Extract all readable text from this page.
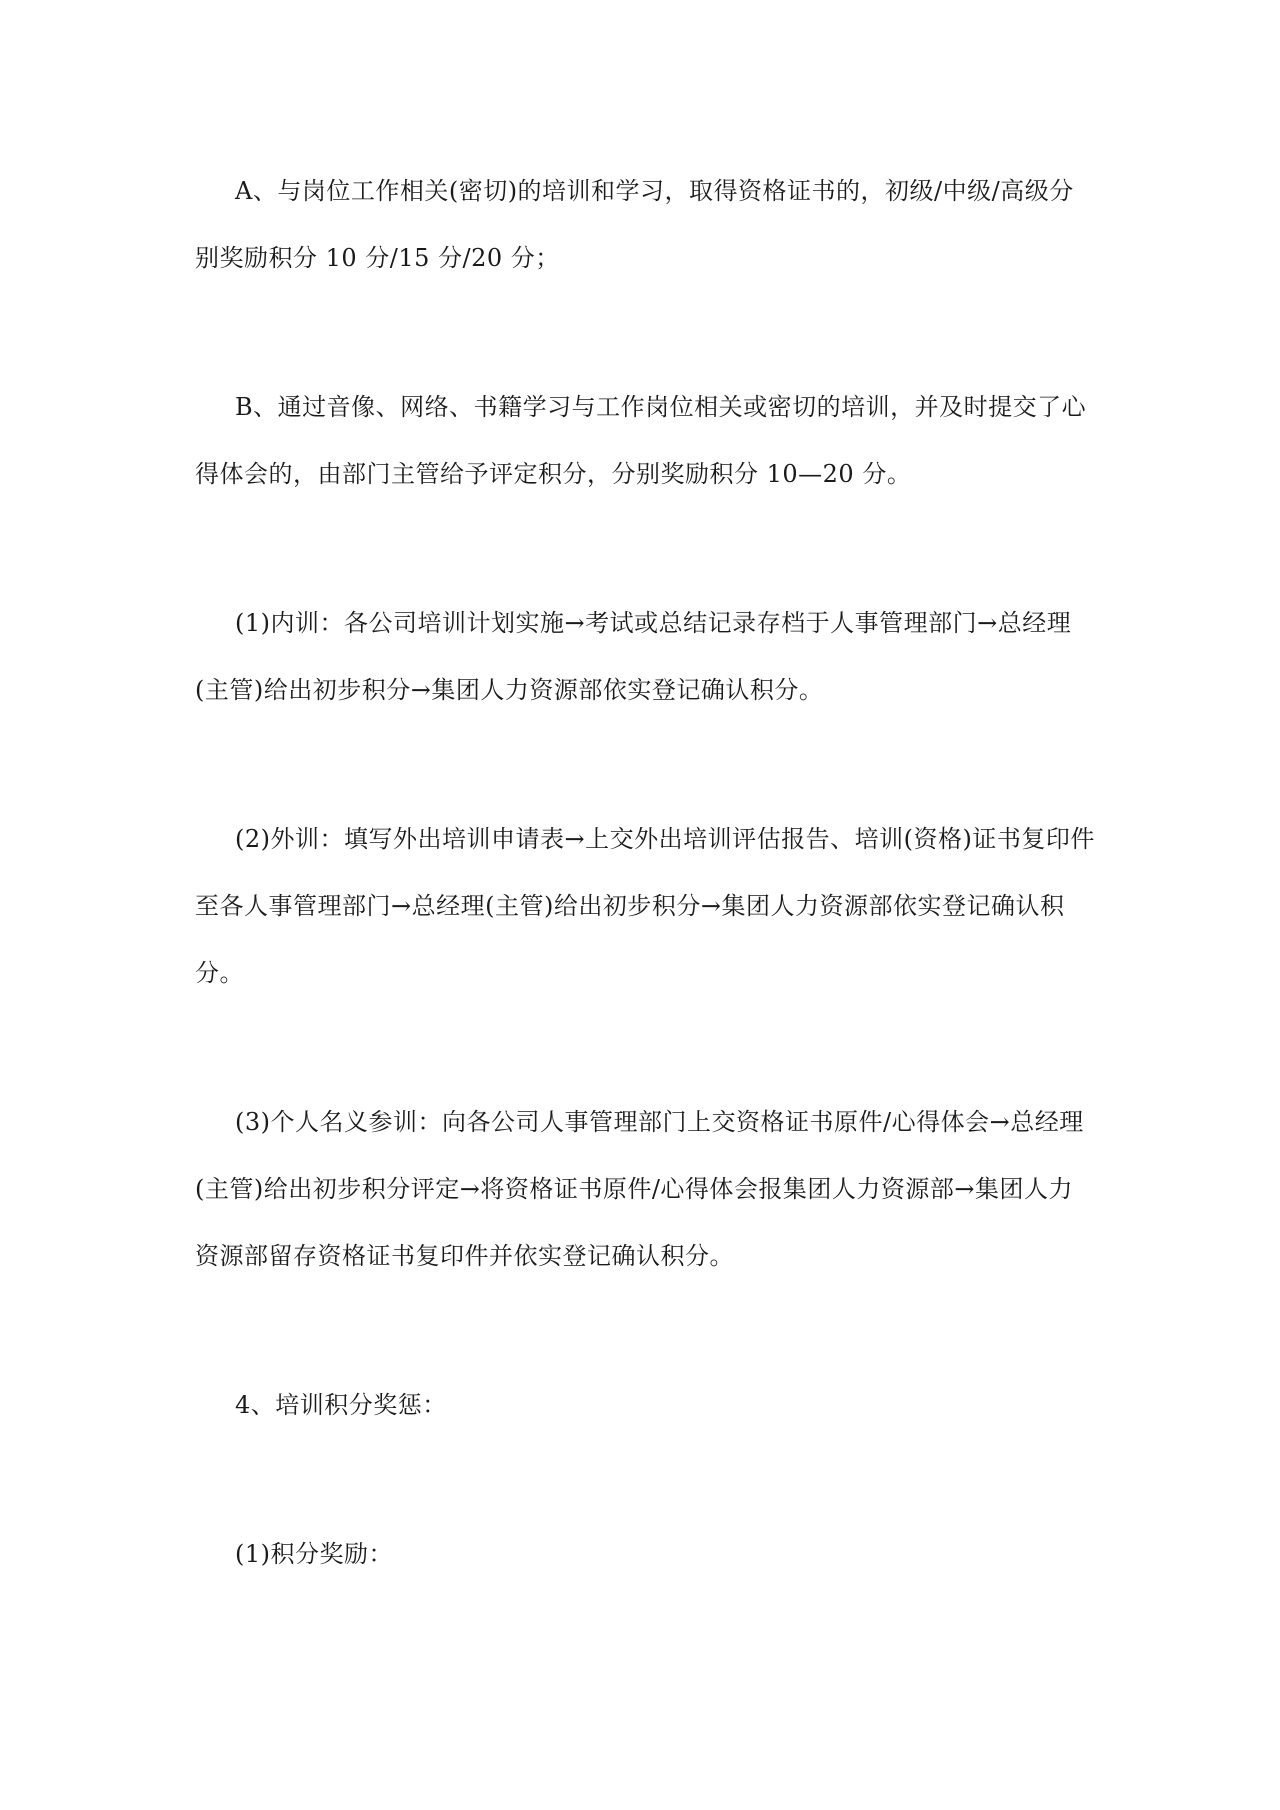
A、与岗位工作相关(密切)的培训和学习，取得资格证书的，初级/中级/高级分别奖励积分 10 分/15 分/20 分；

B、通过音像、网络、书籍学习与工作岗位相关或密切的培训，并及时提交了心得体会的，由部门主管给予评定积分，分别奖励积分 10—20 分。

(1)内训：各公司培训计划实施→考试或总结记录存档于人事管理部门→总经理(主管)给出初步积分→集团人力资源部依实登记确认积分。

(2)外训：填写外出培训申请表→上交外出培训评估报告、培训(资格)证书复印件至各人事管理部门→总经理(主管)给出初步积分→集团人力资源部依实登记确认积分。

(3)个人名义参训：向各公司人事管理部门上交资格证书原件/心得体会→总经理(主管)给出初步积分评定→将资格证书原件/心得体会报集团人力资源部→集团人力资源部留存资格证书复印件并依实登记确认积分。

4、培训积分奖惩：

(1)积分奖励：
